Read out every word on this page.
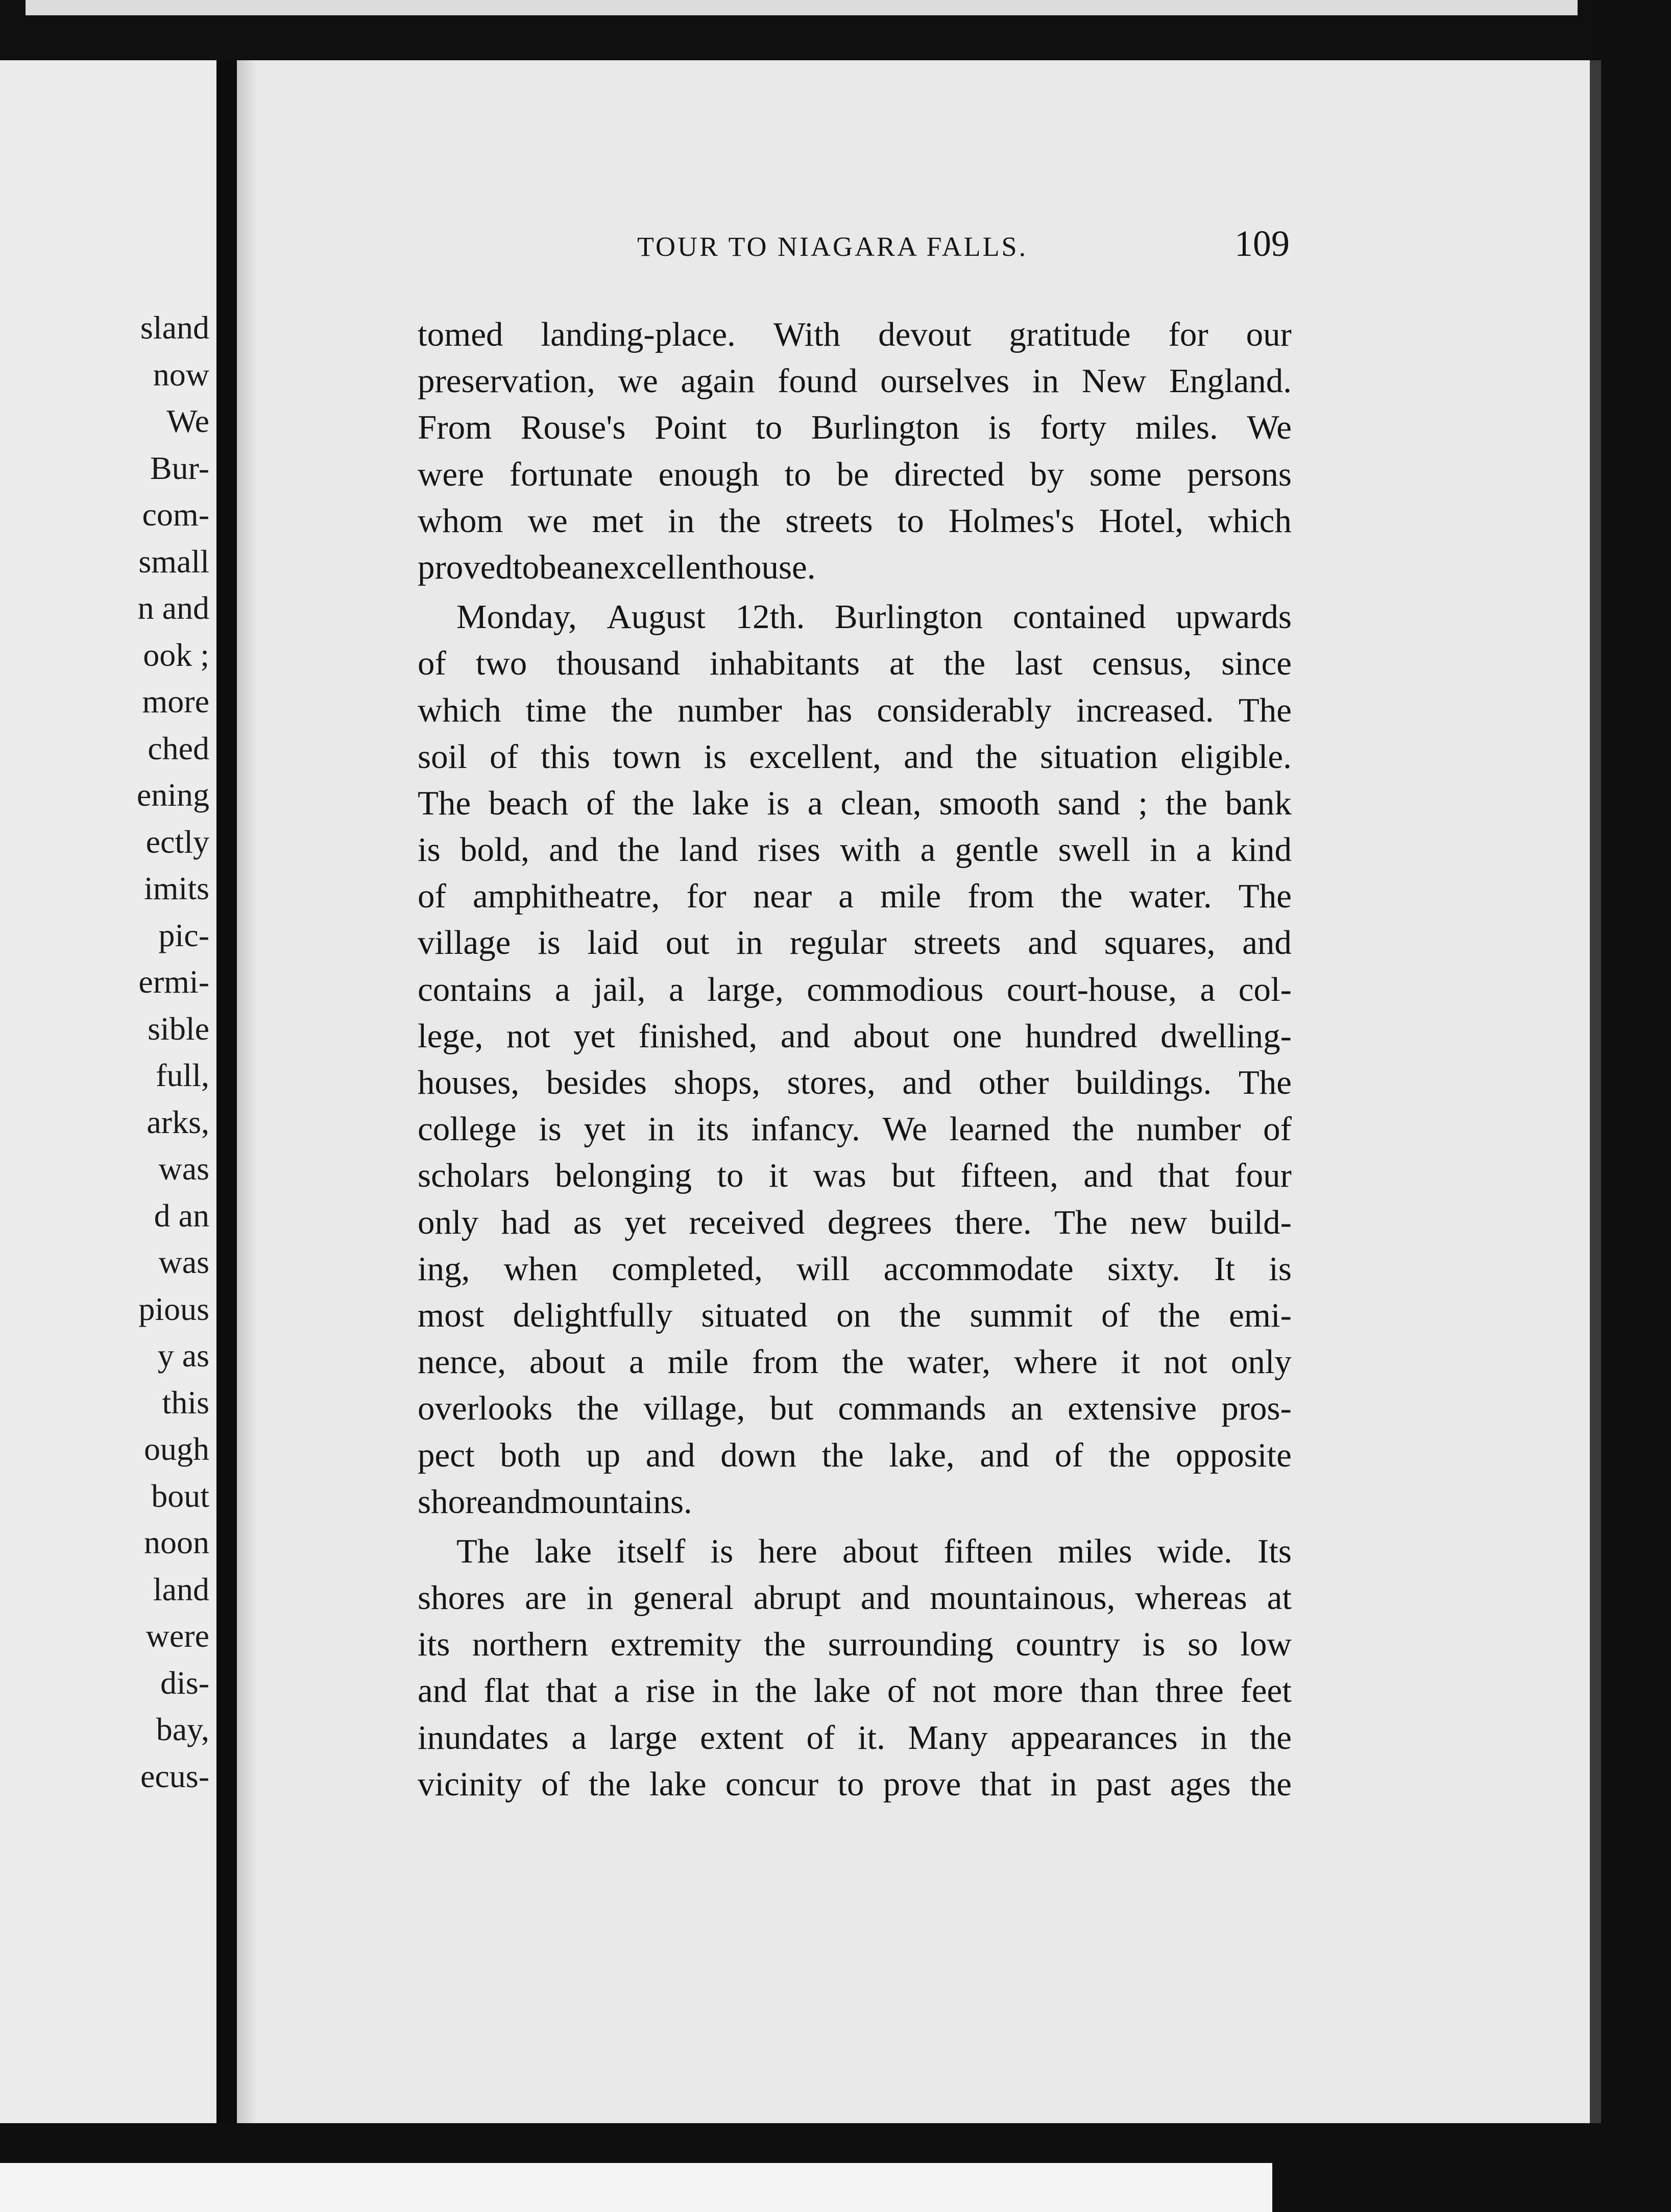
sland
now
We
Bur-
com-
small
n and
ook ;
more
ched
ening
ectly
imits
pic-
ermi-
sible
full,
arks,
was
d an
was
pious
y as
this
ough
bout
noon
land
were
dis-
bay,
ecus-
TOUR TO NIAGARA FALLS.	109
tomed landing-place. With devout gratitude for our
preservation, we again found ourselves in New England.
From Rouse's Point to Burlington is forty miles. We
were fortunate enough to be directed by some persons
whom we met in the streets to Holmes's Hotel, which
proved to be an excellent house.
Monday, August 12th. Burlington contained upwards
of two thousand inhabitants at the last census, since
which time the number has considerably increased. The
soil of this town is excellent, and the situation eligible.
The beach of the lake is a clean, smooth sand ; the bank
is bold, and the land rises with a gentle swell in a kind
of amphitheatre, for near a mile from the water. The
village is laid out in regular streets and squares, and
contains a jail, a large, commodious court-house, a col-
lege, not yet finished, and about one hundred dwelling-
houses, besides shops, stores, and other buildings. The
college is yet in its infancy. We learned the number of
scholars belonging to it was but fifteen, and that four
only had as yet received degrees there. The new build-
ing, when completed, will accommodate sixty. It is
most delightfully situated on the summit of the emi-
nence, about a mile from the water, where it not only
overlooks the village, but commands an extensive pros-
pect both up and down the lake, and of the opposite
shore and mountains.
The lake itself is here about fifteen miles wide. Its
shores are in general abrupt and mountainous, whereas at
its northern extremity the surrounding country is so low
and flat that a rise in the lake of not more than three feet
inundates a large extent of it. Many appearances in the
vicinity of the lake concur to prove that in past ages the
